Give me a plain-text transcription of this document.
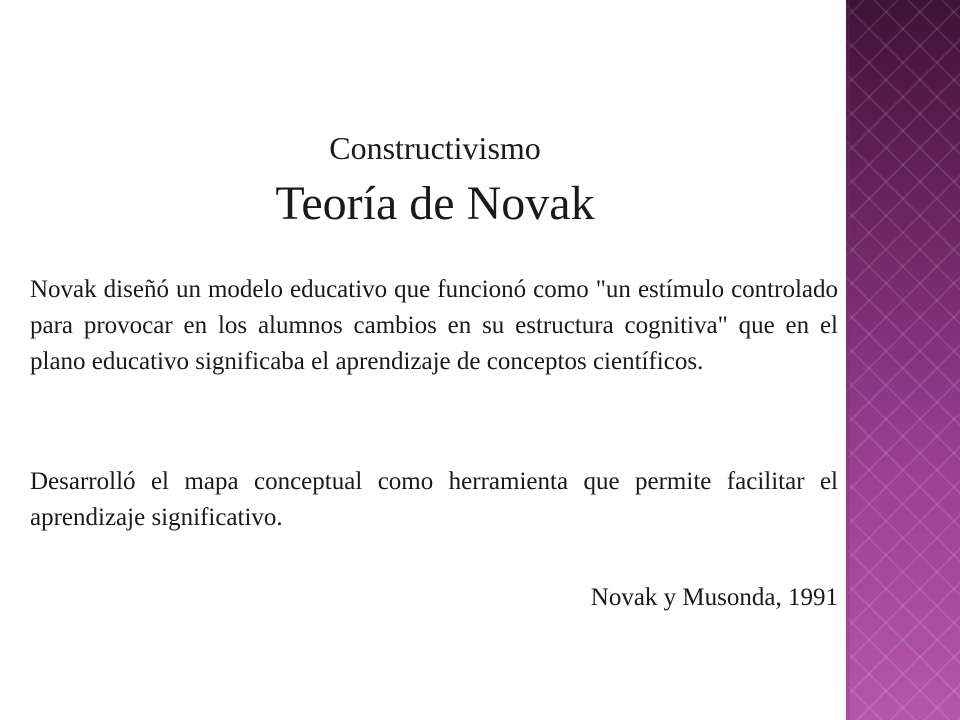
Constructivismo
Teoría de Novak
Novak diseñó un modelo educativo que funcionó como "un estímulo controlado para provocar en los alumnos cambios en su estructura cognitiva" que en el plano educativo significaba el aprendizaje de conceptos científicos.
Desarrolló el mapa conceptual como herramienta que permite facilitar el aprendizaje significativo.
Novak y Musonda, 1991
